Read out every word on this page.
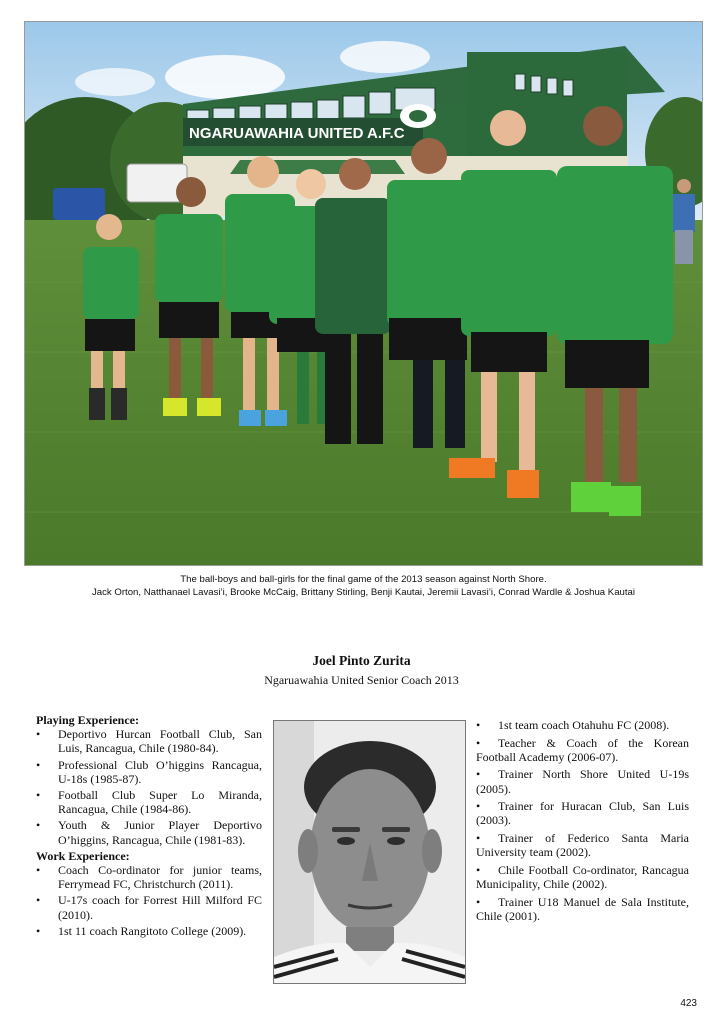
NGARUAWAHIA UNITED A.F.C
The ball-boys and ball-girls for the final game of the 2013 season against North Shore.
Jack Orton, Natthanael Lavasi’i, Brooke McCaig, Brittany Stirling, Benji Kautai, Jeremii Lavasi’i, Conrad Wardle & Joshua Kautai
Joel Pinto Zurita
Ngaruawahia United Senior Coach 2013
Playing Experience:
• Deportivo Hurcan Football Club, San Luis, Rancagua, Chile (1980-84).
• Professional Club O’higgins Rancagua, U-18s (1985-87).
• Football Club Super Lo Miranda, Rancagua, Chile (1984-86).
• Youth & Junior Player Deportivo O’higgins, Rancagua, Chile (1981-83).
Work Experience:
• Coach Co-ordinator for junior teams, Ferrymead FC, Christchurch (2011).
• U-17s coach for Forrest Hill Milford FC (2010).
• 1st 11 coach Rangitoto College (2009).
• 1st team coach Otahuhu FC (2008).
• Teacher & Coach of the Korean Football Academy (2006-07).
• Trainer North Shore United U-19s (2005).
• Trainer for Huracan Club, San Luis (2003).
• Trainer of Federico Santa Maria University team (2002).
• Chile Football Co-ordinator, Rancagua Municipality, Chile (2002).
• Trainer U18 Manuel de Sala Institute, Chile (2001).
423
